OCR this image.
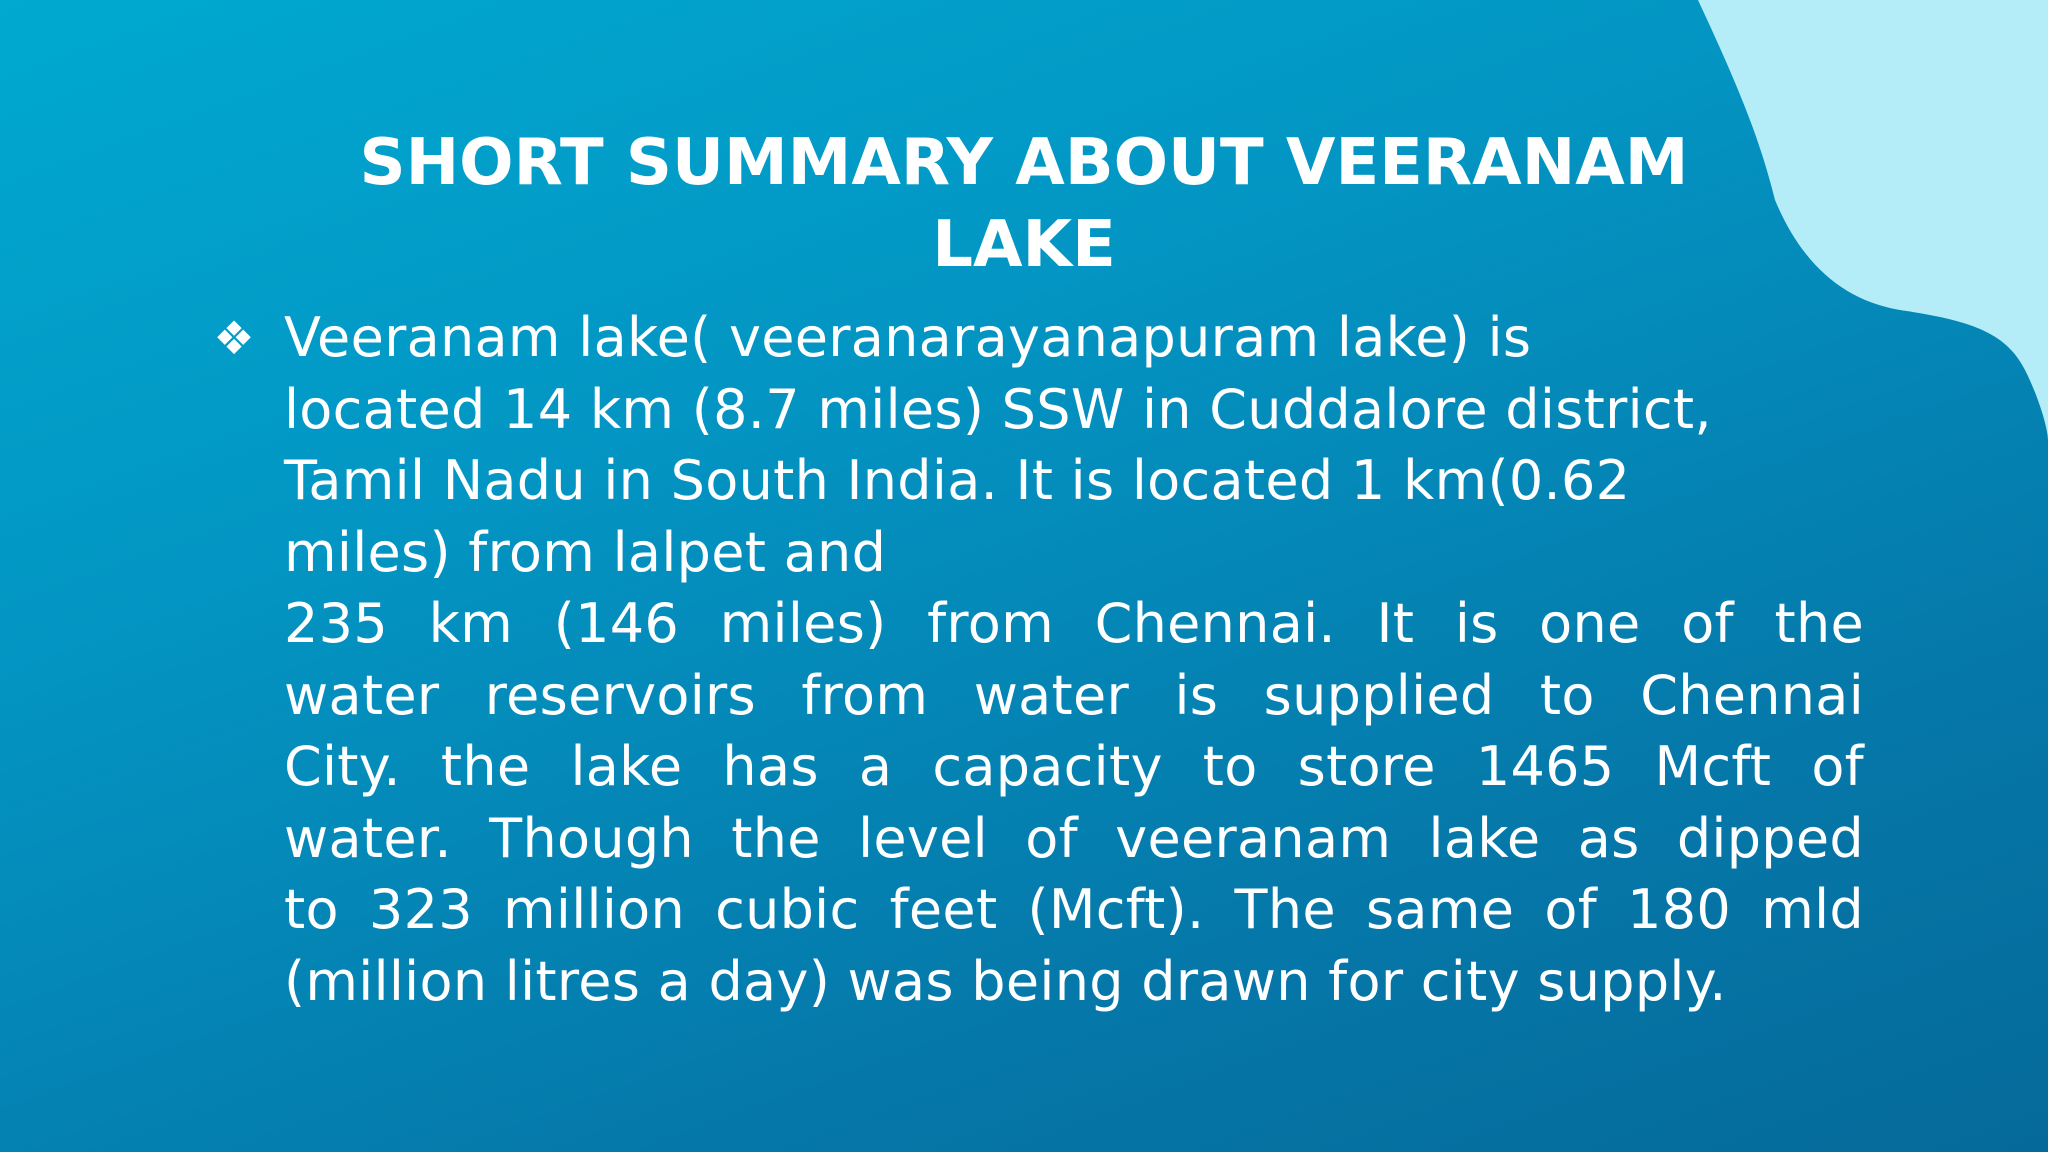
SHORT SUMMARY ABOUT VEERANAM
LAKE
❖ Veeranam lake( veeranarayanapuram lake) is
located 14 km (8.7 miles) SSW in Cuddalore district,
Tamil Nadu in South India. It is located 1 km(0.62
miles) from lalpet and
235 km (146 miles) from Chennai. It is one of the
water reservoirs from water is supplied to Chennai
City. the lake has a capacity to store 1465 Mcft of
water. Though the level of veeranam lake as dipped
to 323 million cubic feet (Mcft). The same of 180 mld
(million litres a day) was being drawn for city supply.
